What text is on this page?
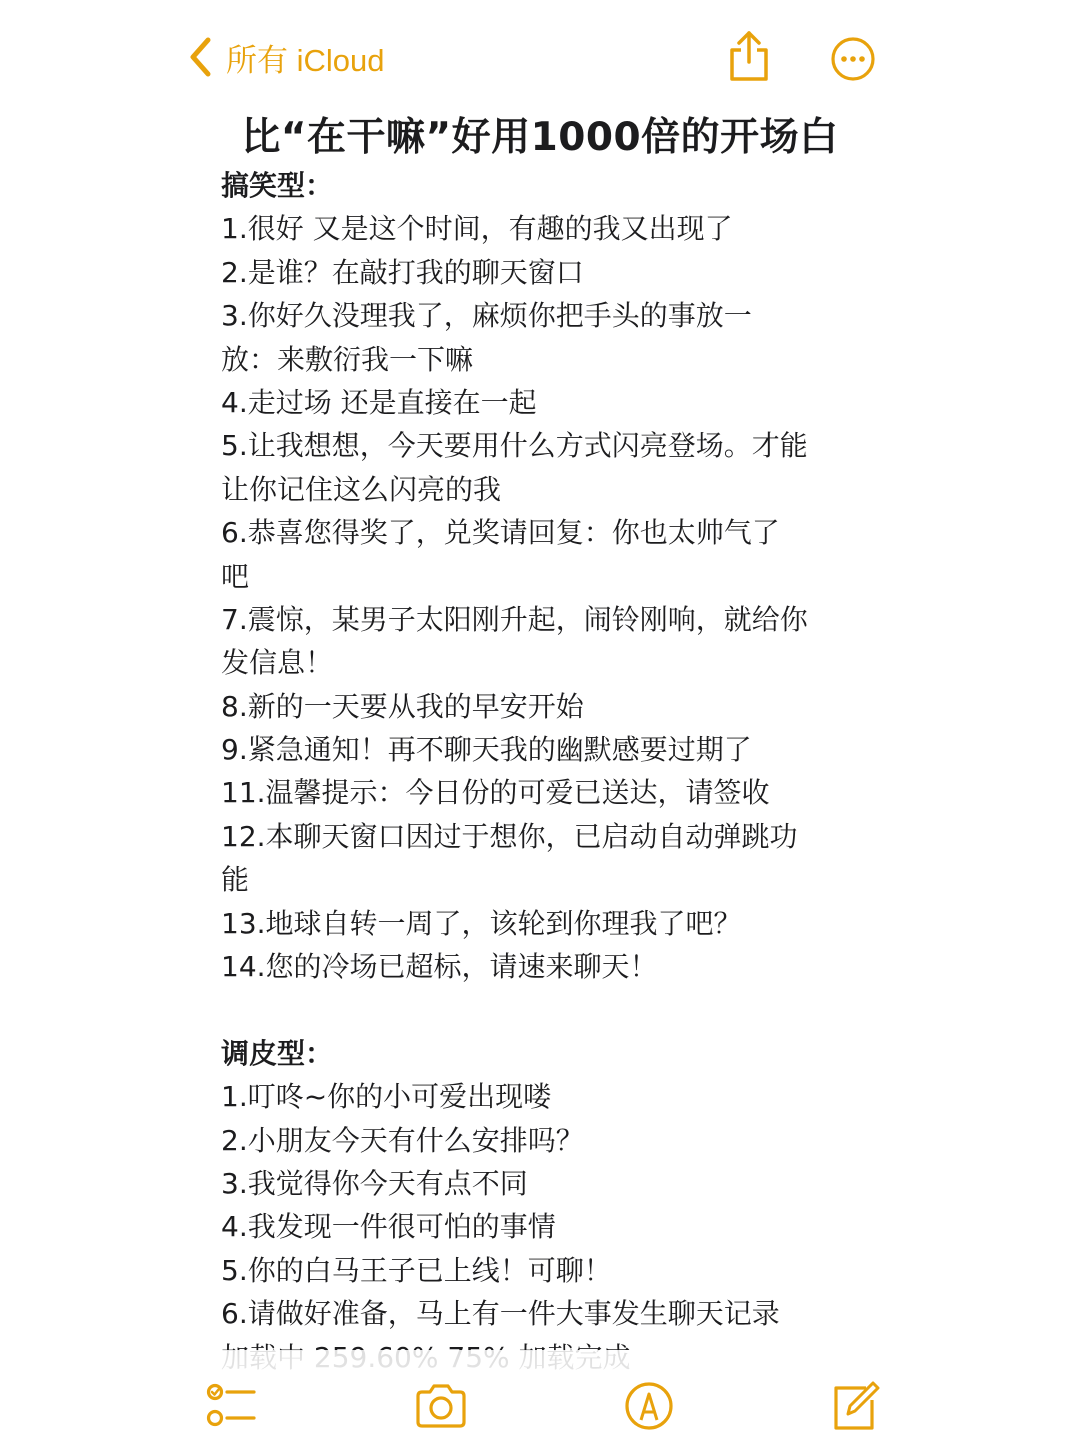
所有 iCloud
比“在干嘛”好用1000倍的开场白
搞笑型：
1.很好 又是这个时间，有趣的我又出现了
2.是谁？在敲打我的聊天窗口
3.你好久没理我了，麻烦你把手头的事放一
放：来敷衍我一下嘛
4.走过场 还是直接在一起
5.让我想想，今天要用什么方式闪亮登场。才能
让你记住这么闪亮的我
6.恭喜您得奖了，兑奖请回复：你也太帅气了
吧
7.震惊，某男子太阳刚升起，闹铃刚响，就给你
发信息！
8.新的一天要从我的早安开始
9.紧急通知！再不聊天我的幽默感要过期了
11.温馨提示：今日份的可爱已送达，请签收
12.本聊天窗口因过于想你，已启动自动弹跳功
能
13.地球自转一周了，该轮到你理我了吧？
14.您的冷场已超标，请速来聊天！
调皮型：
1.叮咚~你的小可爱出现喽
2.小朋友今天有什么安排吗？
3.我觉得你今天有点不同
4.我发现一件很可怕的事情
5.你的白马王子已上线！可聊！
6.请做好准备，马上有一件大事发生聊天记录
